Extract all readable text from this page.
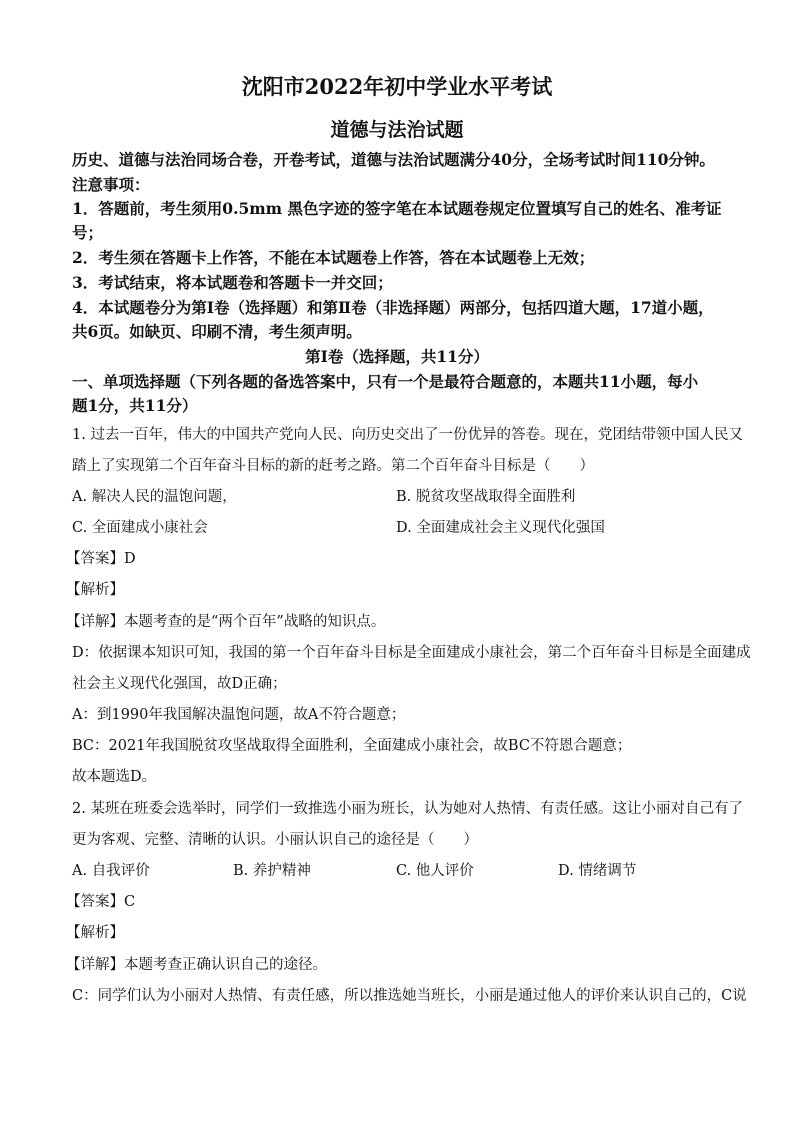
沈阳市2022年初中学业水平考试
道德与法治试题
历史、道德与法治同场合卷，开卷考试，道德与法治试题满分40分，全场考试时间110分钟。
注意事项：
1．答题前，考生须用0.5mm 黑色字迹的签字笔在本试题卷规定位置填写自己的姓名、准考证
号；
2．考生须在答题卡上作答，不能在本试题卷上作答，答在本试题卷上无效；
3．考试结束，将本试题卷和答题卡一并交回；
4．本试题卷分为第Ⅰ卷（选择题）和第Ⅱ卷（非选择题）两部分，包括四道大题，17道小题，
共6页。如缺页、印刷不清，考生须声明。
第Ⅰ卷（选择题，共11分）
一、单项选择题（下列各题的备选答案中，只有一个是最符合题意的，本题共11小题，每小
题1分，共11分）
1. 过去一百年，伟大的中国共产党向人民、向历史交出了一份优异的答卷。现在，党团结带领中国人民又
踏上了实现第二个百年奋斗目标的新的赶考之路。第二个百年奋斗目标是（　　）
A. 解决人民的温饱问题，	B. 脱贫攻坚战取得全面胜利
C. 全面建成小康社会	D. 全面建成社会主义现代化强国
【答案】D
【解析】
【详解】本题考查的是“两个百年”战略的知识点。
D：依据课本知识可知，我国的第一个百年奋斗目标是全面建成小康社会，第二个百年奋斗目标是全面建成
社会主义现代化强国，故D正确；
A：到1990年我国解决温饱问题，故A不符合题意；
BC：2021年我国脱贫攻坚战取得全面胜利，全面建成小康社会，故BC不符恩合题意；
故本题选D。
2. 某班在班委会选举时，同学们一致推选小丽为班长，认为她对人热情、有责任感。这让小丽对自己有了
更为客观、完整、清晰的认识。小丽认识自己的途径是（　　）
A. 自我评价	B. 养护精神	C. 他人评价	D. 情绪调节
【答案】C
【解析】
【详解】本题考查正确认识自己的途径。
C：同学们认为小丽对人热情、有责任感，所以推选她当班长，小丽是通过他人的评价来认识自己的，C说
